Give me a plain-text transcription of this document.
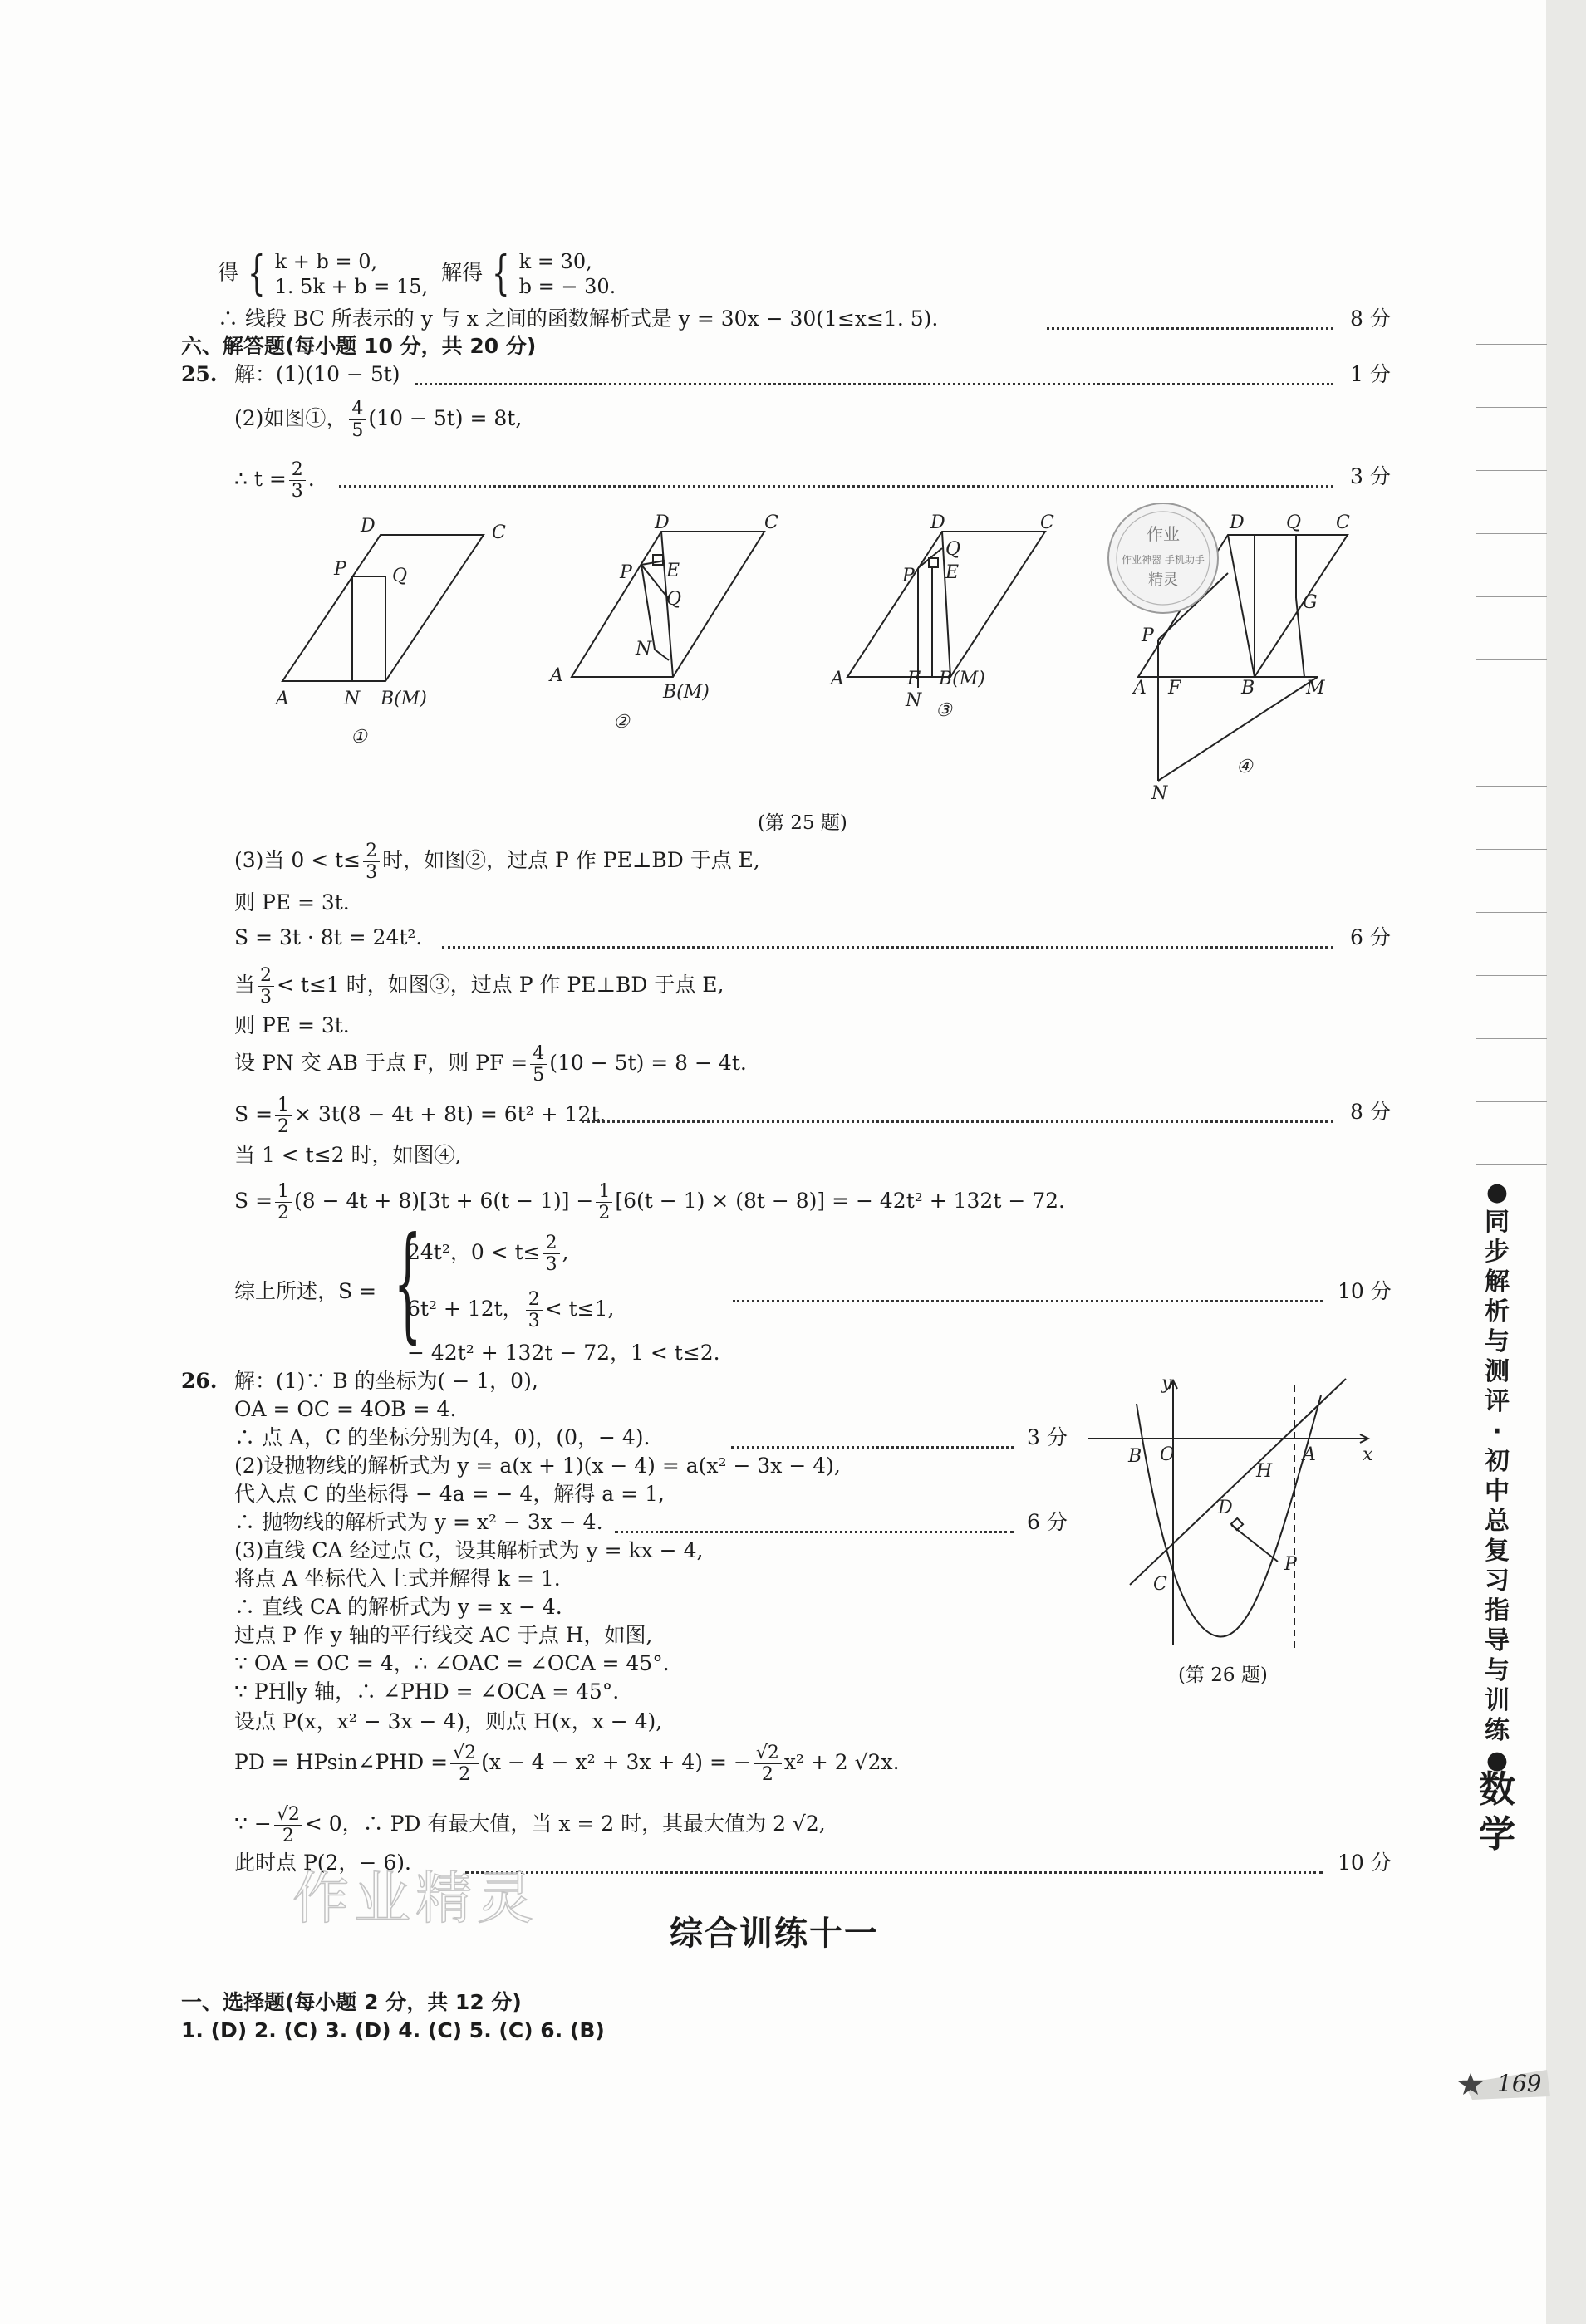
得 { k + b = 0,
1. 5k + b = 15,  解得 { k = 30,
b = − 30.
∴ 线段 BC 所表示的 y 与 x 之间的函数解析式是 y = 30x − 30(1≤x≤1. 5).	8 分
六、解答题(每小题 10 分，共 20 分)
25. 解：(1)(10 − 5t)	1 分
(2)如图①， $\frac{4}{5} (10 - 5t) = 8t$,
∴ $t = \frac{2}{3}$ .	3 分
D	C
P	Q
A	N B(M)
①
D	C
P E
Q
N
A
B(M)
②
D	C
P
Q
E
A	F B(M)
N ③
D Q C
G
P
A F	B	M
N
④
作业
作业神器 手机助手
精灵
(第 25 题)
(3)当 $0 < t\le \frac{2}{3}$ 时，如图②，过点 P 作 PE⊥BD 于点 E,
则 PE = 3t.
S = 3t · 8t = 24t².	6 分
当 $\frac{2}{3} < t\le 1$ 时，如图③，过点 P 作 PE⊥BD 于点 E,
则 PE = 3t.
设 PN 交 AB 于点 F，则 PF = $\frac{4}{5} (10 - 5t) = 8 - 4t$.
$S = \frac{1}{2} \times 3t(8 - 4t + 8t) = 6t^2 + 12t$.	8 分
当 1 < t≤2 时，如图④,
$S = \frac{1}{2} (8 - 4t + 8)[3t + 6(t - 1)] - \frac{1}{2} [6(t - 1) \times (8t - 8)]$ = − 42t² + 132t − 72.
综上所述，S = {
24t²，$0 < t\le \frac{2}{3}$ ,
6t² + 12t， $\frac{2}{3} < t\le 1$,
− 42t² + 132t − 72，1 < t≤2.
10 分
26. 解：(1)∵ B 的坐标为( − 1，0),
OA = OC = 4OB = 4.
∴ 点 A，C 的坐标分别为(4，0)，(0，− 4).	3 分
(2)设抛物线的解析式为 y = a(x + 1)(x − 4) = a(x² − 3x − 4),
代入点 C 的坐标得 − 4a = − 4，解得 a = 1,
∴ 抛物线的解析式为 y = x² − 3x − 4.	6 分
(3)直线 CA 经过点 C，设其解析式为 y = kx − 4,
将点 A 坐标代入上式并解得 k = 1.
∴ 直线 CA 的解析式为 y = x − 4.
过点 P 作 y 轴的平行线交 AC 于点 H，如图,
∵ OA = OC = 4，∴ ∠OAC = ∠OCA = 45°.
∵ PH∥y 轴，∴ ∠PHD = ∠OCA = 45°.
设点 P(x，x² − 3x − 4)，则点 H(x，x − 4),
PD = HPsin∠PHD = $\frac{√2}{2} (x - 4 - x^2 + 3x + 4)$ = − $\frac{√2}{2} x^2 + 2$ √2x.
∵ − $\frac{√2}{2} < 0$，∴ PD 有最大值，当 x = 2 时，其最大值为 2 √2,
此时点 P(2，− 6).	10 分
y
B O	A	x
H
D
C
P
(第 26 题)
作业精灵
综合训练十一
一、选择题(每小题 2 分，共 12 分)
1. (D) 2. (C) 3. (D) 4. (C) 5. (C) 6. (B)
●同步解析与测评·初中总复习指导与训练●
数学
169
